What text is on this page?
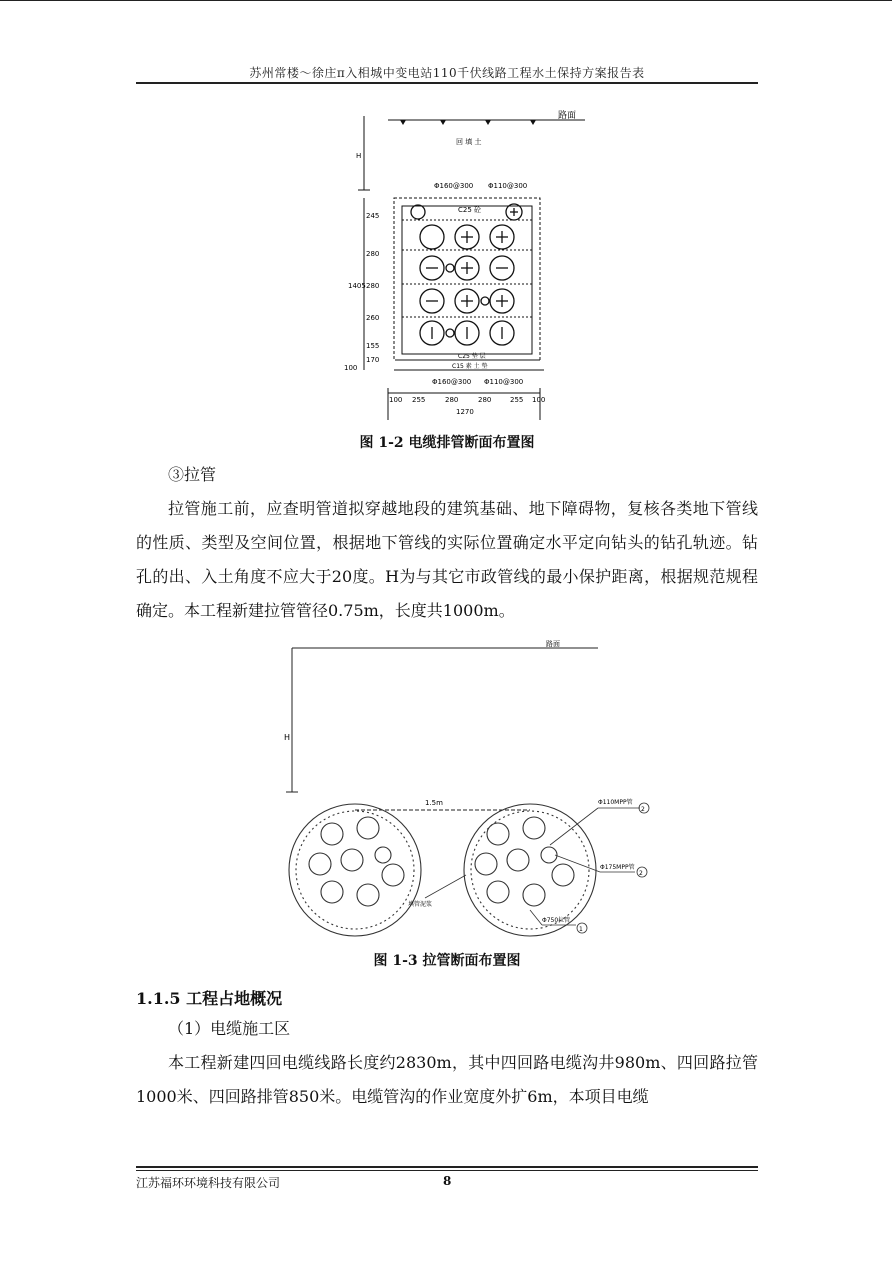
苏州常楼～徐庄π入相城中变电站110千伏线路工程水土保持方案报告表
路面
回 填 土
Φ160@300 Φ110@300
C25 砼
C25 垫 层
C15 素 土 垫
Φ160@300 Φ110@300
H
1405
245
280
280
260
155
100
170
100 255	280	280	255 100
1270
图 1-2 电缆排管断面布置图
③拉管

拉管施工前，应查明管道拟穿越地段的建筑基础、地下障碍物，复核各类地下管线的性质、类型及空间位置，根据地下管线的实际位置确定水平定向钻头的钻孔轨迹。钻孔的出、入土角度不应大于20度。H为与其它市政管线的最小保护距离，根据规范规程确定。本工程新建拉管管径0.75m，长度共1000m。

路面
H
1.5m	Φ110MPP管
2
Φ175MPP管
2
Φ750拉管
1
填管泥浆
图 1-3 拉管断面布置图
1.1.5 工程占地概况
（1）电缆施工区

本工程新建四回电缆线路长度约2830m，其中四回路电缆沟井980m、四回路拉管1000米、四回路排管850米。电缆管沟的作业宽度外扩6m，本项目电缆

江苏福环环境科技有限公司	8
